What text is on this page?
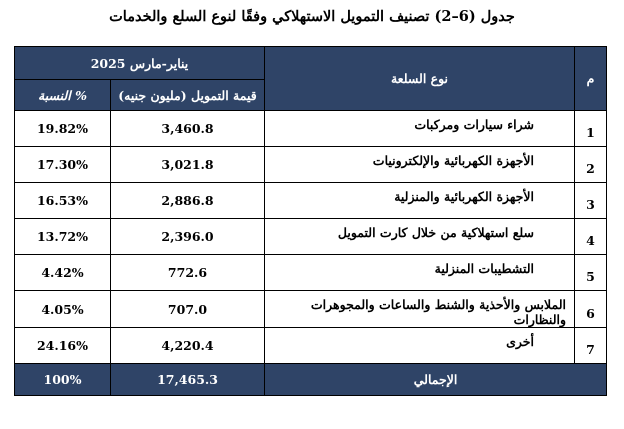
جدول (6–2) تصنيف التمويل الاستهلاكي وفقًا لنوع السلع والخدمات
يناير-مارس 2025		نوع السلعة	م
النسبة %	قيمة التمويل (مليون جنيه)		
19.82%	3,460.8	شراء سيارات ومركبات	1
17.30%	3,021.8	الأجهزة الكهربائية والإلكترونيات	2
16.53%	2,886.8	الأجهزة الكهربائية والمنزلية	3
13.72%	2,396.0	سلع استهلاكية من خلال كارت التمويل	4
4.42%	772.6	التشطيبات المنزلية	5
4.05%	707.0	الملابس والأحذية والشنط والساعات والمجوهرات والنظارات	6
24.16%	4,220.4	أخرى	7
100%	17,465.3	الإجمالي	
